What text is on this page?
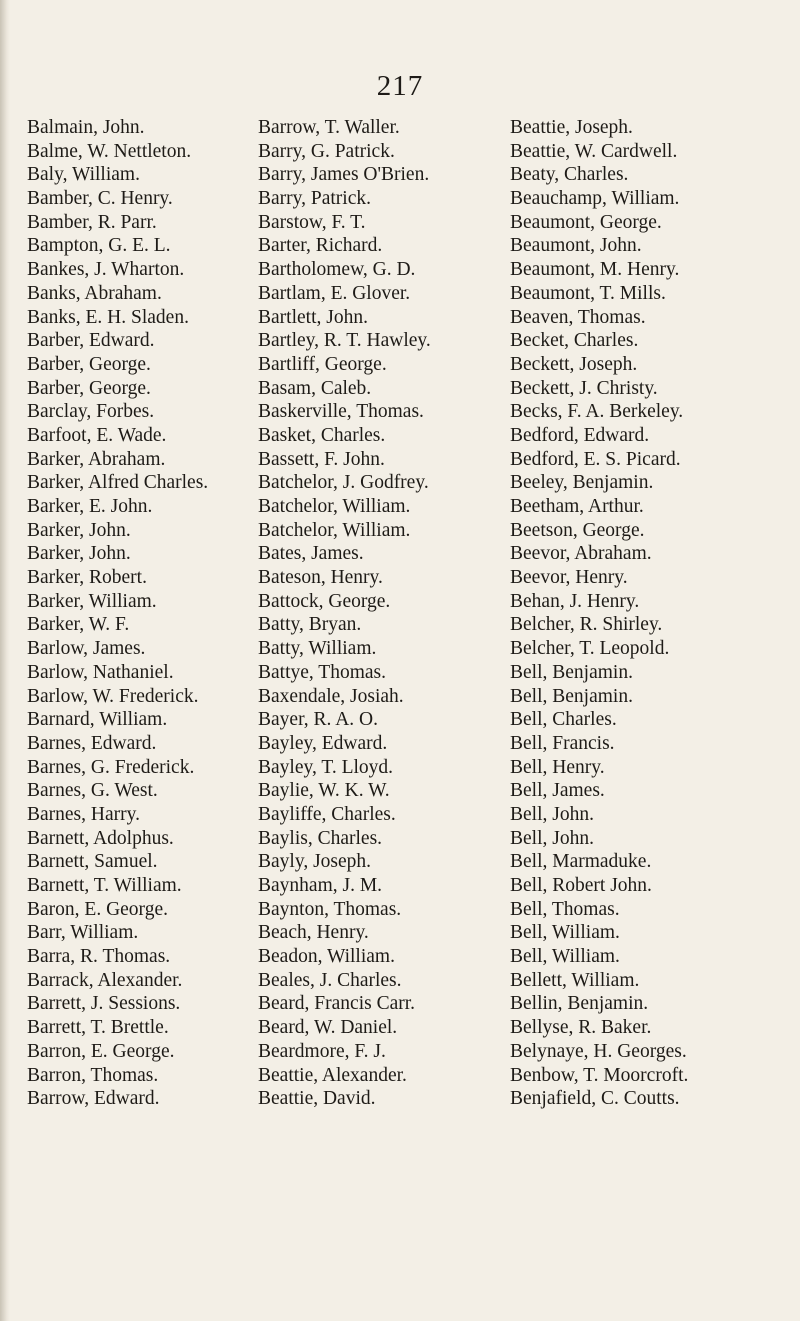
217
Balmain, John.
Balme, W. Nettleton.
Baly, William.
Bamber, C. Henry.
Bamber, R. Parr.
Bampton, G. E. L.
Bankes, J. Wharton.
Banks, Abraham.
Banks, E. H. Sladen.
Barber, Edward.
Barber, George.
Barber, George.
Barclay, Forbes.
Barfoot, E. Wade.
Barker, Abraham.
Barker, Alfred Charles.
Barker, E. John.
Barker, John.
Barker, John.
Barker, Robert.
Barker, William.
Barker, W. F.
Barlow, James.
Barlow, Nathaniel.
Barlow, W. Frederick.
Barnard, William.
Barnes, Edward.
Barnes, G. Frederick.
Barnes, G. West.
Barnes, Harry.
Barnett, Adolphus.
Barnett, Samuel.
Barnett, T. William.
Baron, E. George.
Barr, William.
Barra, R. Thomas.
Barrack, Alexander.
Barrett, J. Sessions.
Barrett, T. Brettle.
Barron, E. George.
Barron, Thomas.
Barrow, Edward.
Barrow, T. Waller.
Barry, G. Patrick.
Barry, James O'Brien.
Barry, Patrick.
Barstow, F. T.
Barter, Richard.
Bartholomew, G. D.
Bartlam, E. Glover.
Bartlett, John.
Bartley, R. T. Hawley.
Bartliff, George.
Basam, Caleb.
Baskerville, Thomas.
Basket, Charles.
Bassett, F. John.
Batchelor, J. Godfrey.
Batchelor, William.
Batchelor, William.
Bates, James.
Bateson, Henry.
Battock, George.
Batty, Bryan.
Batty, William.
Battye, Thomas.
Baxendale, Josiah.
Bayer, R. A. O.
Bayley, Edward.
Bayley, T. Lloyd.
Baylie, W. K. W.
Bayliffe, Charles.
Baylis, Charles.
Bayly, Joseph.
Baynham, J. M.
Baynton, Thomas.
Beach, Henry.
Beadon, William.
Beales, J. Charles.
Beard, Francis Carr.
Beard, W. Daniel.
Beardmore, F. J.
Beattie, Alexander.
Beattie, David.
Beattie, Joseph.
Beattie, W. Cardwell.
Beaty, Charles.
Beauchamp, William.
Beaumont, George.
Beaumont, John.
Beaumont, M. Henry.
Beaumont, T. Mills.
Beaven, Thomas.
Becket, Charles.
Beckett, Joseph.
Beckett, J. Christy.
Becks, F. A. Berkeley.
Bedford, Edward.
Bedford, E. S. Picard.
Beeley, Benjamin.
Beetham, Arthur.
Beetson, George.
Beevor, Abraham.
Beevor, Henry.
Behan, J. Henry.
Belcher, R. Shirley.
Belcher, T. Leopold.
Bell, Benjamin.
Bell, Benjamin.
Bell, Charles.
Bell, Francis.
Bell, Henry.
Bell, James.
Bell, John.
Bell, John.
Bell, Marmaduke.
Bell, Robert John.
Bell, Thomas.
Bell, William.
Bell, William.
Bellett, William.
Bellin, Benjamin.
Bellyse, R. Baker.
Belynaye, H. Georges.
Benbow, T. Moorcroft.
Benjafield, C. Coutts.
